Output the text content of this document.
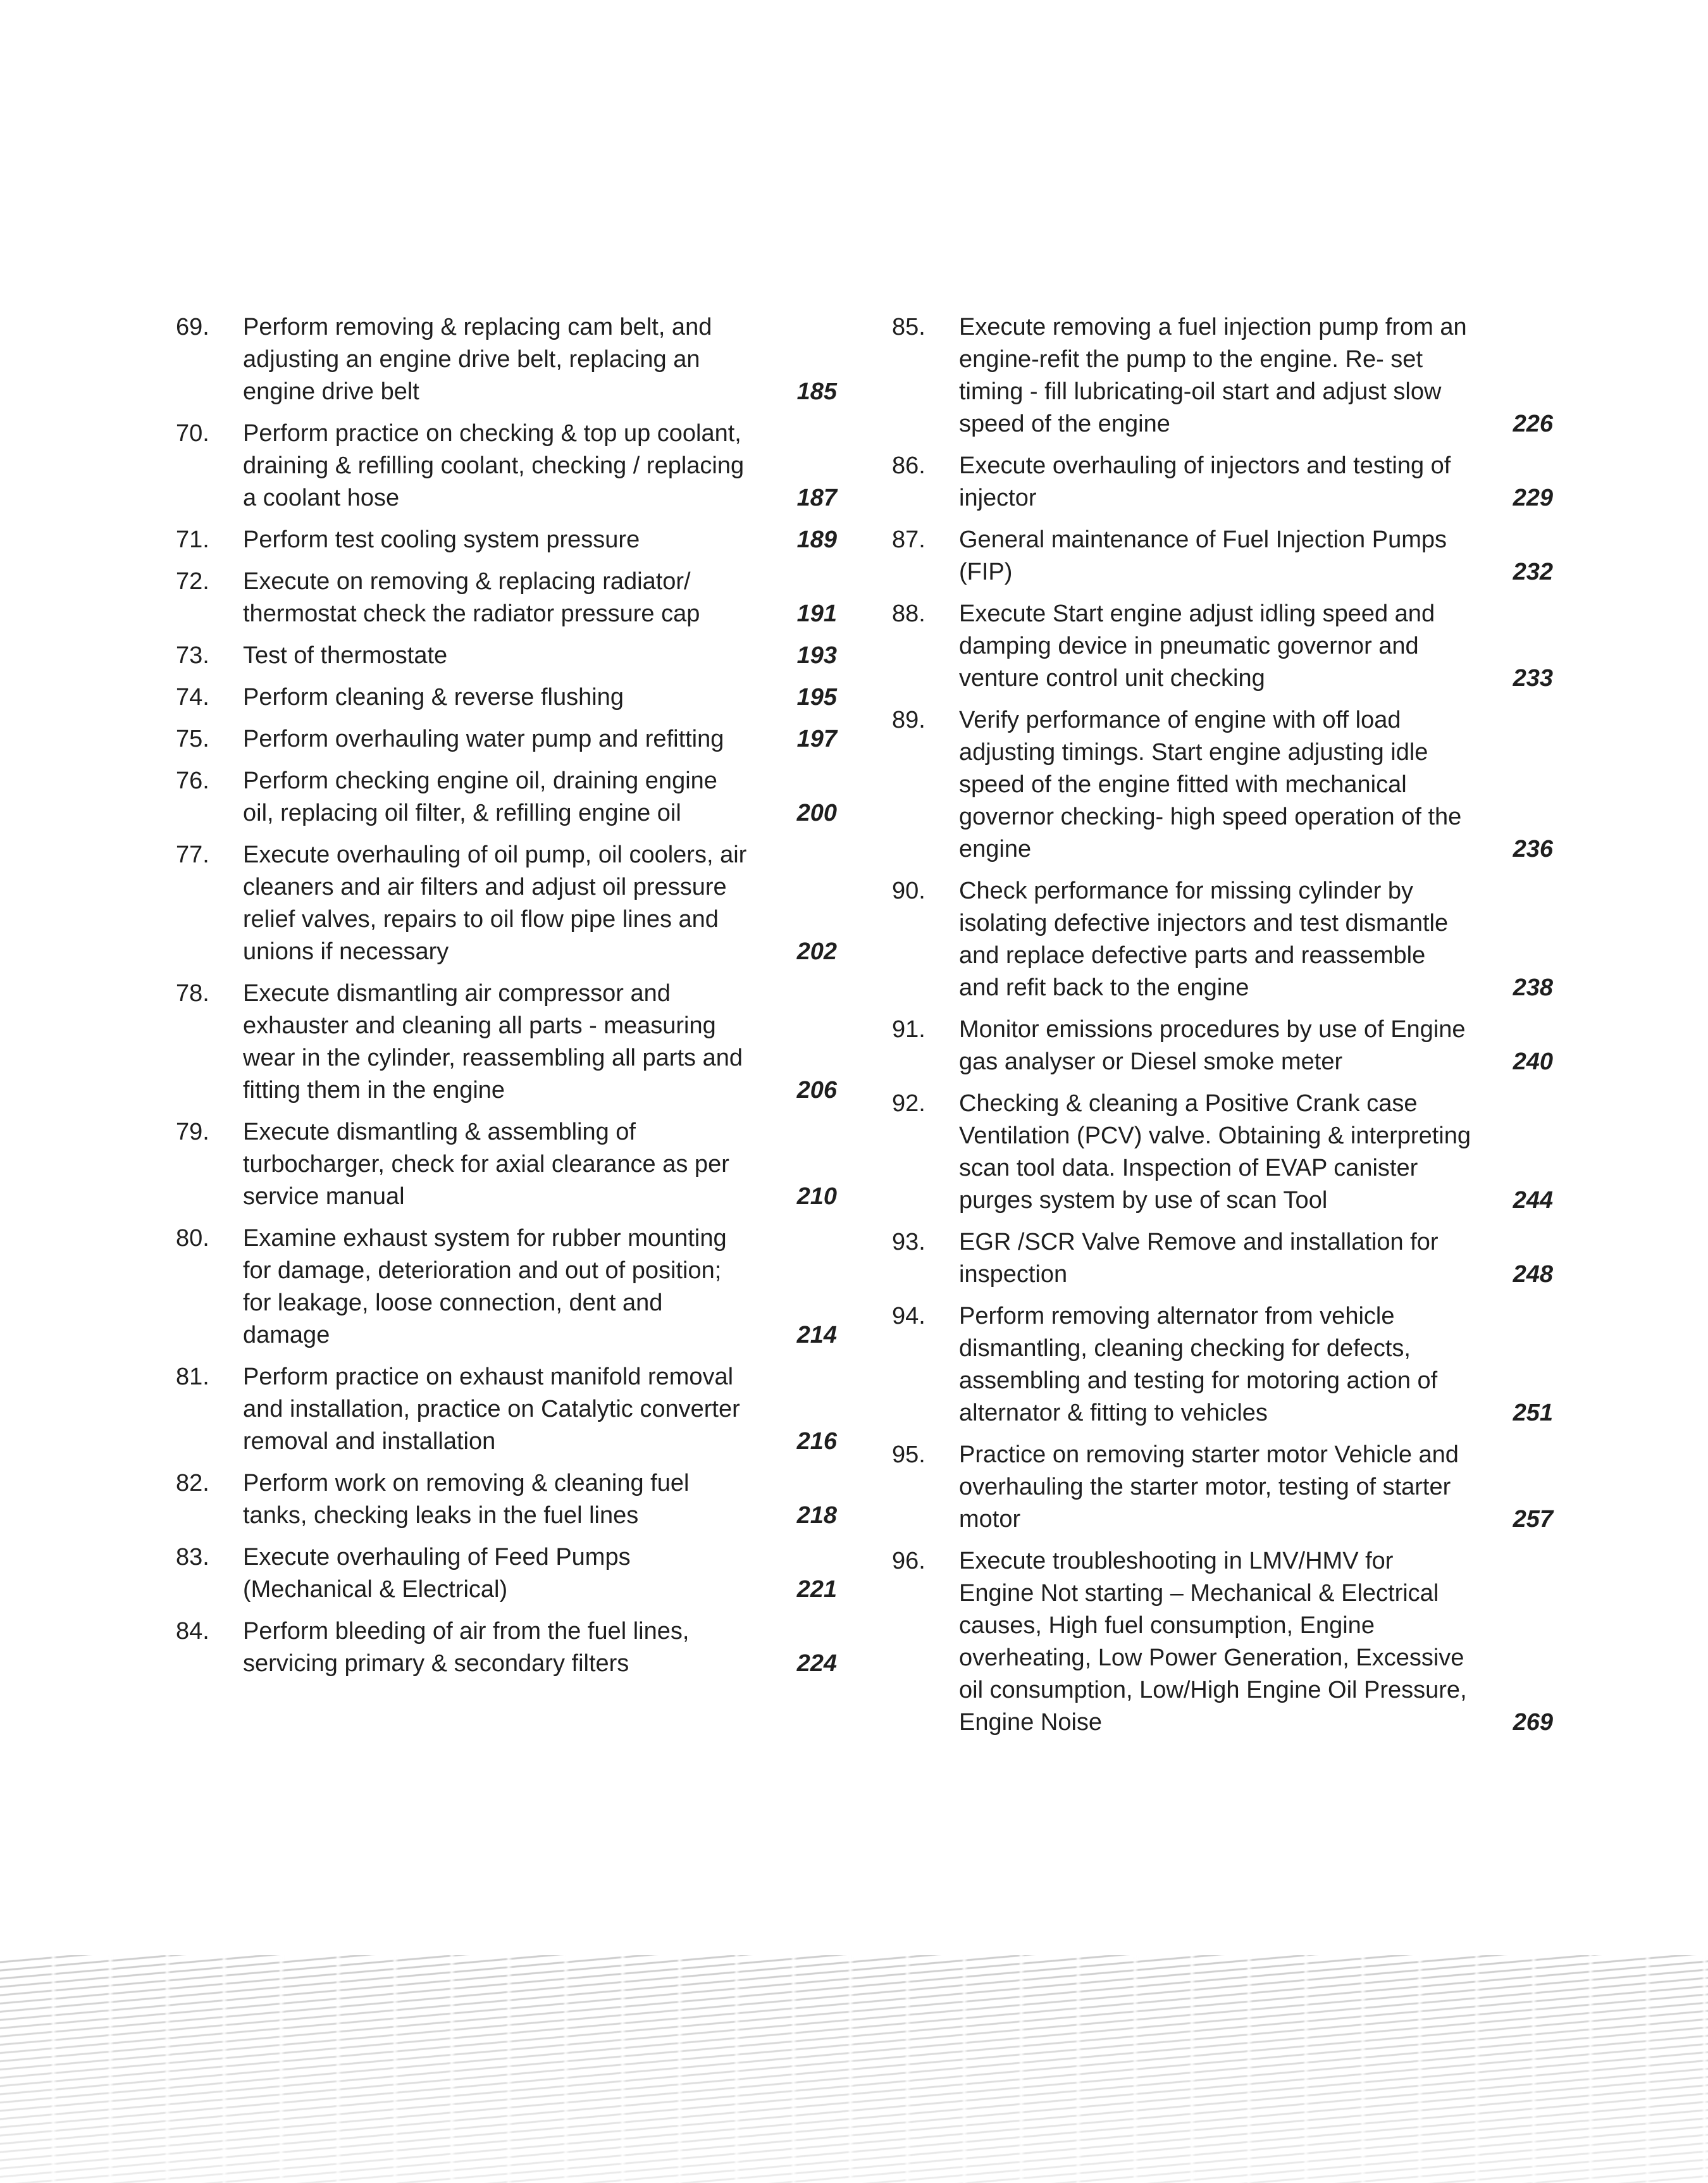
69.	Perform removing & replacing cam belt, and adjusting an engine drive belt, replacing an engine drive belt	185
70.	Perform practice on checking & top up coolant, draining & refilling coolant, checking / replacing a coolant hose	187
71.	Perform test cooling system pressure	189
72.	Execute on removing & replacing radiator/ thermostat check the radiator pressure cap	191
73.	Test of thermostate	193
74.	Perform cleaning & reverse flushing	195
75.	Perform overhauling water pump and refitting	197
76.	Perform checking engine oil, draining engine oil, replacing oil filter, & refilling engine oil	200
77.	Execute overhauling of oil pump, oil coolers, air cleaners and air filters and adjust oil pressure relief valves, repairs to oil flow pipe lines and unions if necessary	202
78.	Execute dismantling air compressor and exhauster and cleaning all parts - measuring wear in the cylinder, reassembling all parts and fitting them in the engine	206
79.	Execute dismantling & assembling of turbocharger, check for axial clearance as per service manual	210
80.	Examine exhaust system for rubber mounting for damage, deterioration and out of position; for leakage, loose connection, dent and damage	214
81.	Perform practice on exhaust manifold removal and installation, practice on Catalytic converter removal and installation	216
82.	Perform work on removing & cleaning fuel tanks, checking leaks in the fuel lines	218
83.	Execute overhauling of Feed Pumps (Mechanical & Electrical)	221
84.	Perform bleeding of air from the fuel lines, servicing primary & secondary filters	224
85.	Execute removing a fuel injection pump from an engine-refit the pump to the engine. Re- set timing - fill lubricating-oil start and adjust slow speed of the engine	226
86.	Execute overhauling of injectors and testing of injector	229
87.	General maintenance of Fuel Injection Pumps (FIP)	232
88.	Execute Start engine adjust idling speed and damping device in pneumatic governor and venture control unit checking	233
89.	Verify performance of engine with off load adjusting timings. Start engine adjusting idle speed of the engine fitted with mechanical governor checking- high speed operation of the engine	236
90.	Check performance for missing cylinder by isolating defective injectors and test dismantle and replace defective parts and reassemble and refit back to the engine	238
91.	Monitor emissions procedures by use of Engine gas analyser or Diesel smoke meter	240
92.	Checking & cleaning a Positive Crank case Ventilation (PCV) valve. Obtaining & interpreting scan tool data. Inspection of EVAP canister purges system by use of scan Tool	244
93.	EGR /SCR Valve Remove and installation for inspection	248
94.	Perform removing alternator from vehicle dismantling, cleaning checking for defects, assembling and testing for motoring action of alternator & fitting to vehicles	251
95.	Practice on removing starter motor Vehicle and overhauling the starter motor, testing of starter motor	257
96.	Execute troubleshooting in LMV/HMV for Engine Not starting – Mechanical & Electrical causes, High fuel consumption, Engine overheating, Low Power Generation, Excessive oil consumption, Low/High Engine Oil Pressure, Engine Noise	269
